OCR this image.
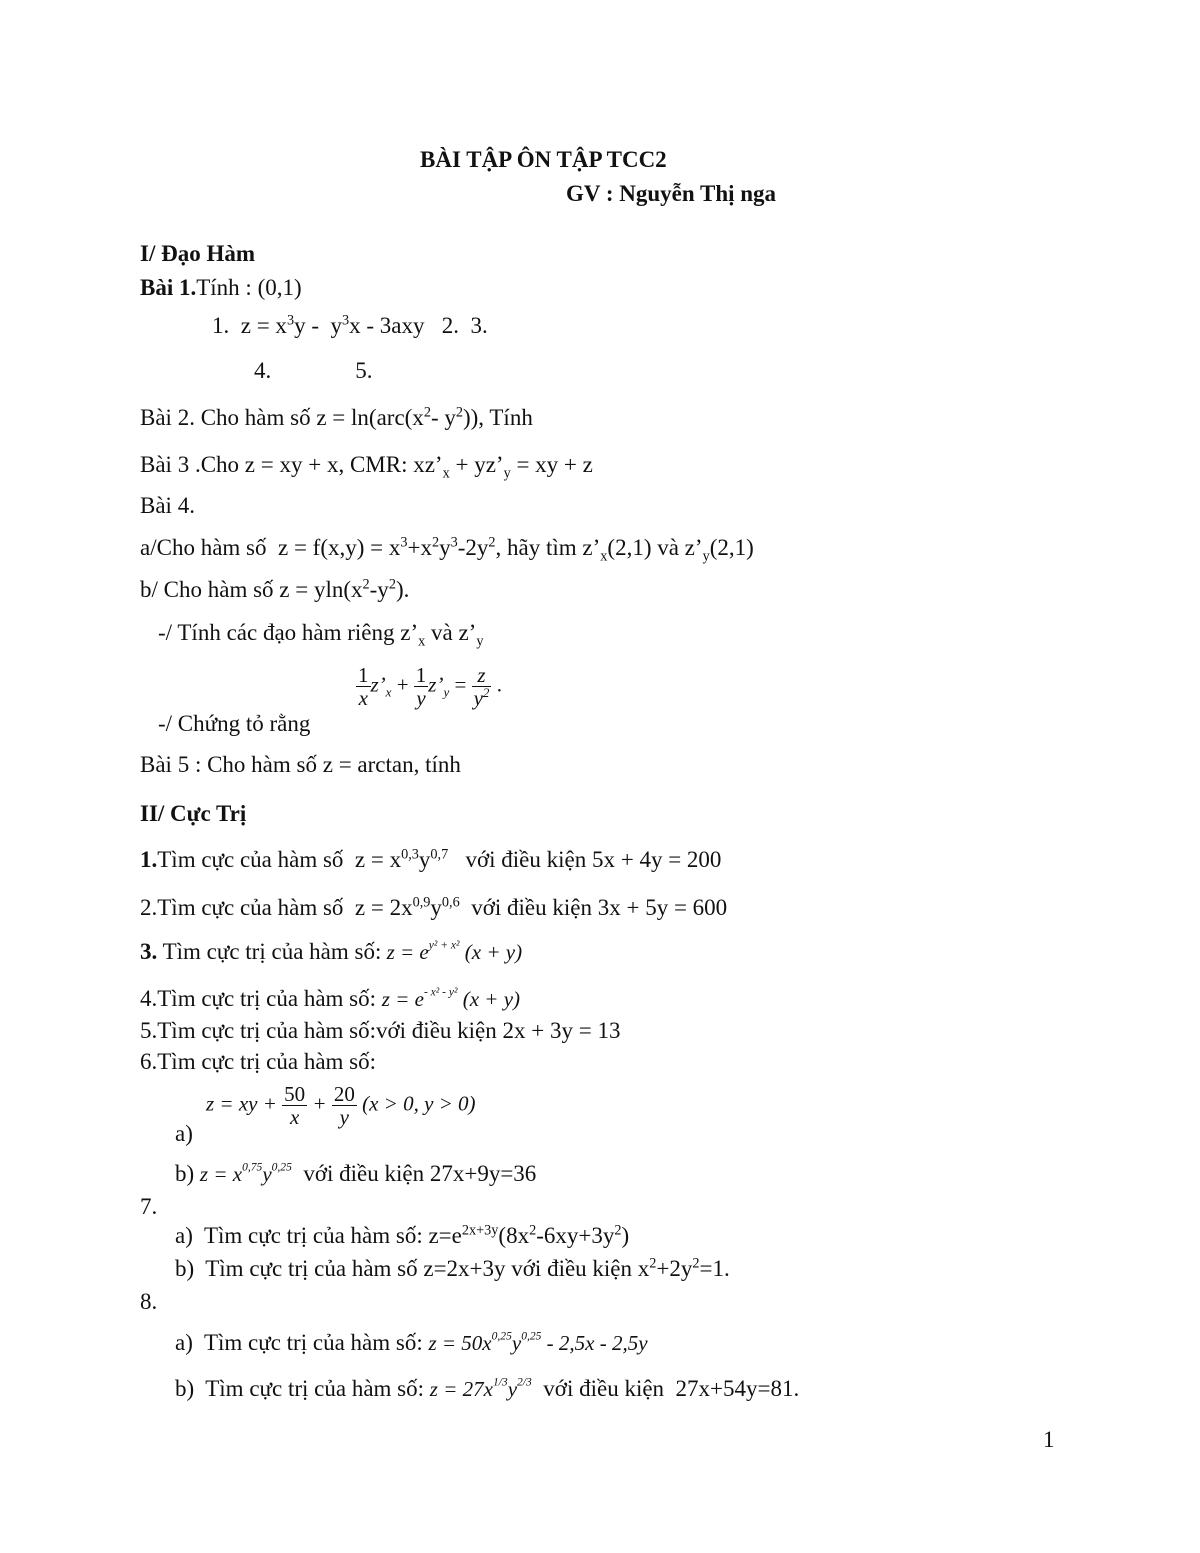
BÀI TẬP ÔN TẬP TCC2
GV : Nguyễn Thị nga
I/ Đạo Hàm
Bài 1.Tính : (0,1)
1.  $z = x^3y - y^3x - 3axy$   2. 3.
4.	5.
Bài 2. Cho hàm số $z = \ln(arc(x^2-$ $y^2$)), Tính
Bài 3 .Cho z = xy + x, CMR: $xz’_x$ + $yz’_y$ = xy + z
Bài 4.
a/Cho hàm số  $z = f(x,y) = x^3+x^2y^3-2y^2$, hãy tìm $z’_x(2,1)$ và $z’_y(2,1)$
b/ Cho hàm số $z = yln(x^2-y^2)$.
-/ Tính các đạo hàm riêng $z’_x$ và $z’_y$
-/ Chứng tỏ rằng
$\frac{1}{x}$ $z’_x + \frac{1}{y}$ $z’_y = \frac{z}{y^2}$ .
Bài 5 : Cho hàm số z = arctan, tính
II/ Cực Trị
1.Tìm cực của hàm số  $z = x^{0,3}y^{0,7}$   với điều kiện 5x + 4y = 200
2.Tìm cực của hàm số  $z = 2x^{0,9}y^{0,6}$  với điều kiện 3x + 5y = 600
3. Tìm cực trị của hàm số: $z = e^{y^2 + x^2}$ (x + y)
4.Tìm cực trị của hàm số: $z = e^{- x^2 - y^2}$ (x + y)
5.Tìm cực trị của hàm số:với điều kiện 2x + 3y = 13
6.Tìm cực trị của hàm số:
a)
z = xy + $\frac{50}{x} + \frac{20}{y} (x > 0$, y > 0)
b) $z = x^{0,75}y^{0,25}$  với điều kiện 27x+9y=36
7.
a)  Tìm cực trị của hàm số: $z=e^{2x+3y}(8x^2-6xy+3y^2)$
b)  Tìm cực trị của hàm số z=2x+3y với điều kiện $x^2+2y^2=1$.
8.
a)  Tìm cực trị của hàm số: $z = 50x^{0,25}y^{0,25} - 2,5x - 2,5y$
b)  Tìm cực trị của hàm số: $z = 27x^{1/3}y^{2/3}$  với điều kiện  27x+54y=81.
1
